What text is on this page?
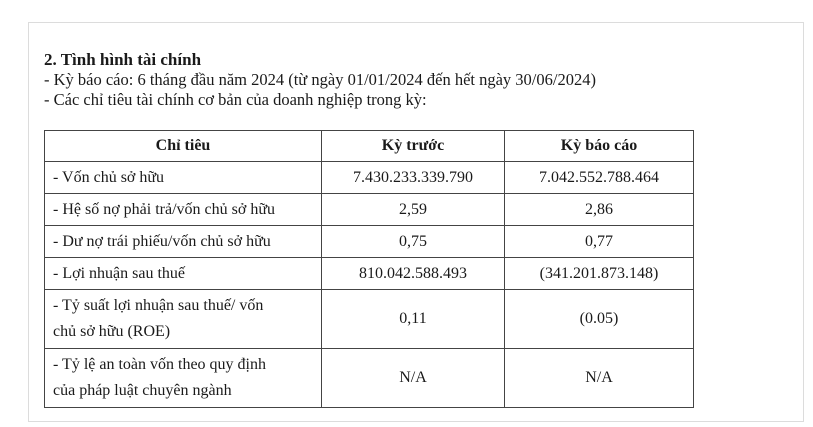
2. Tình hình tài chính

- Kỳ báo cáo: 6 tháng đầu năm 2024 (từ ngày 01/01/2024 đến hết ngày 30/06/2024)

- Các chỉ tiêu tài chính cơ bản của doanh nghiệp trong kỳ:

Chỉ tiêu	Kỳ trước	Kỳ báo cáo
- Vốn chủ sở hữu	7.430.233.339.790	7.042.552.788.464
- Hệ số nợ phải trả/vốn chủ sở hữu	2,59	2,86
- Dư nợ trái phiếu/vốn chủ sở hữu	0,75	0,77
- Lợi nhuận sau thuế	810.042.588.493	(341.201.873.148)

- Tỷ suất lợi nhuận sau thuế/ vốn
chủ sở hữu (ROE)	0,11	(0.05)

- Tỷ lệ an toàn vốn theo quy định
của pháp luật chuyên ngành	N/A	N/A
